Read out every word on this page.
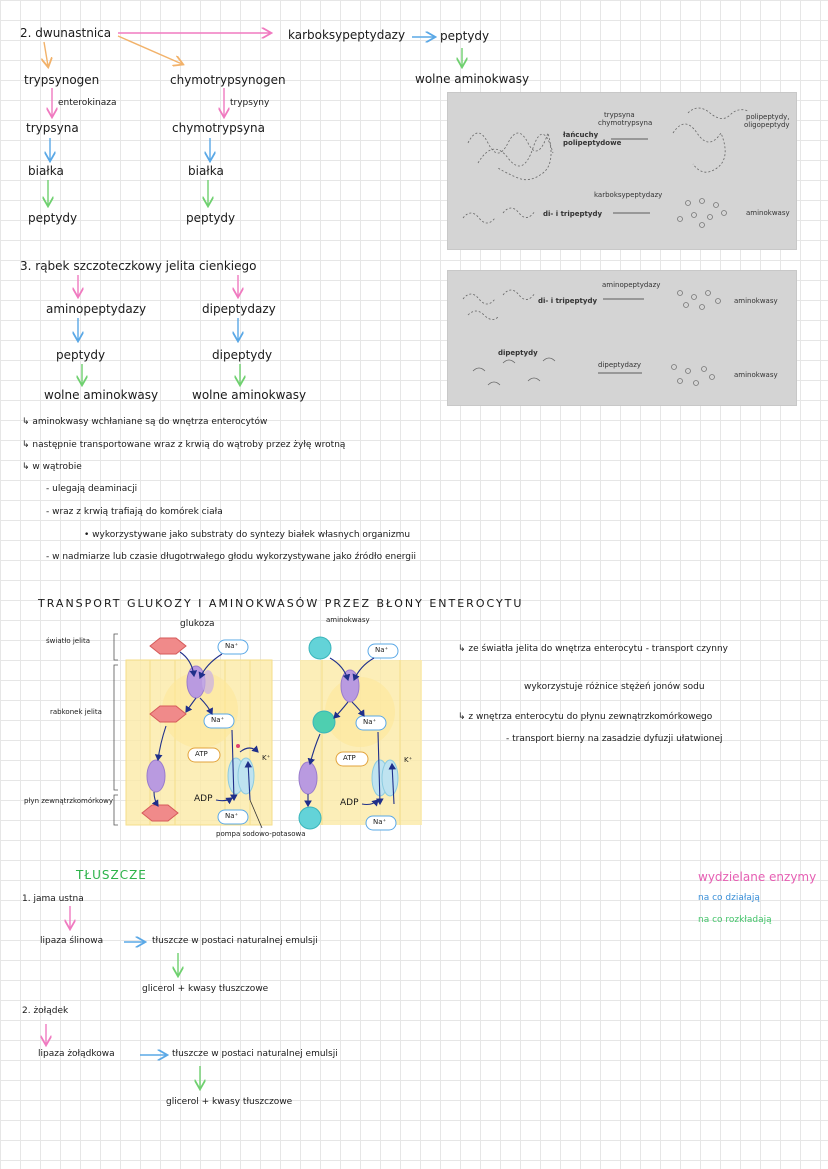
2. dwunastnica	karboksypeptydazy	peptydy
wolne aminokwasy
trypsynogen
enterokinaza
trypsyna
białka
peptydy
chymotrypsynogen
trypsyny
chymotrypsyna
białka
peptydy
trypsyna
chymotrypsyna
łańcuchy
polipeptydowe
polipeptydy,
oligopeptydy
karboksypeptydazy
di- i tripeptydy	aminokwasy
3. rąbek szczoteczkowy jelita cienkiego
aminopeptydazy
peptydy
wolne aminokwasy
dipeptydazy
dipeptydy
wolne aminokwasy
aminopeptydazy
di- i tripeptydy	aminokwasy
dipeptydy
dipeptydazy
aminokwasy
↳ aminokwasy wchłaniane są do wnętrza enterocytów
↳ następnie transportowane wraz z krwią do wątroby przez żyłę wrotną
↳ w wątrobie
- ulegają deaminacji
- wraz z krwią trafiają do komórek ciała
• wykorzystywane jako substraty do syntezy białek własnych organizmu
- w nadmiarze lub czasie długotrwałego głodu wykorzystywane jako źródło energii
TRANSPORT GLUKOZY I AMINOKWASÓW PRZEZ BŁONY ENTEROCYTU
światło jelita
rabkonek jelita
płyn zewnątrzkomórkowy
glukoza	aminokwasy
Na⁺
Na⁺
Na⁺
Na⁺
Na⁺
Na⁺
ATP	ATP
K⁺	K⁺
ADP	ADP
pompa sodowo-potasowa
↳ ze światła jelita do wnętrza enterocytu - transport czynny
wykorzystuje różnice stężeń jonów sodu
↳ z wnętrza enterocytu do płynu zewnątrzkomórkowego
- transport bierny na zasadzie dyfuzji ułatwionej
TŁUSZCZE
1. jama ustna
lipaza ślinowa	tłuszcze w postaci naturalnej emulsji
glicerol + kwasy tłuszczowe
2. żołądek
lipaza żołądkowa	tłuszcze w postaci naturalnej emulsji
glicerol + kwasy tłuszczowe
wydzielane enzymy
na co działają
na co rozkładają
